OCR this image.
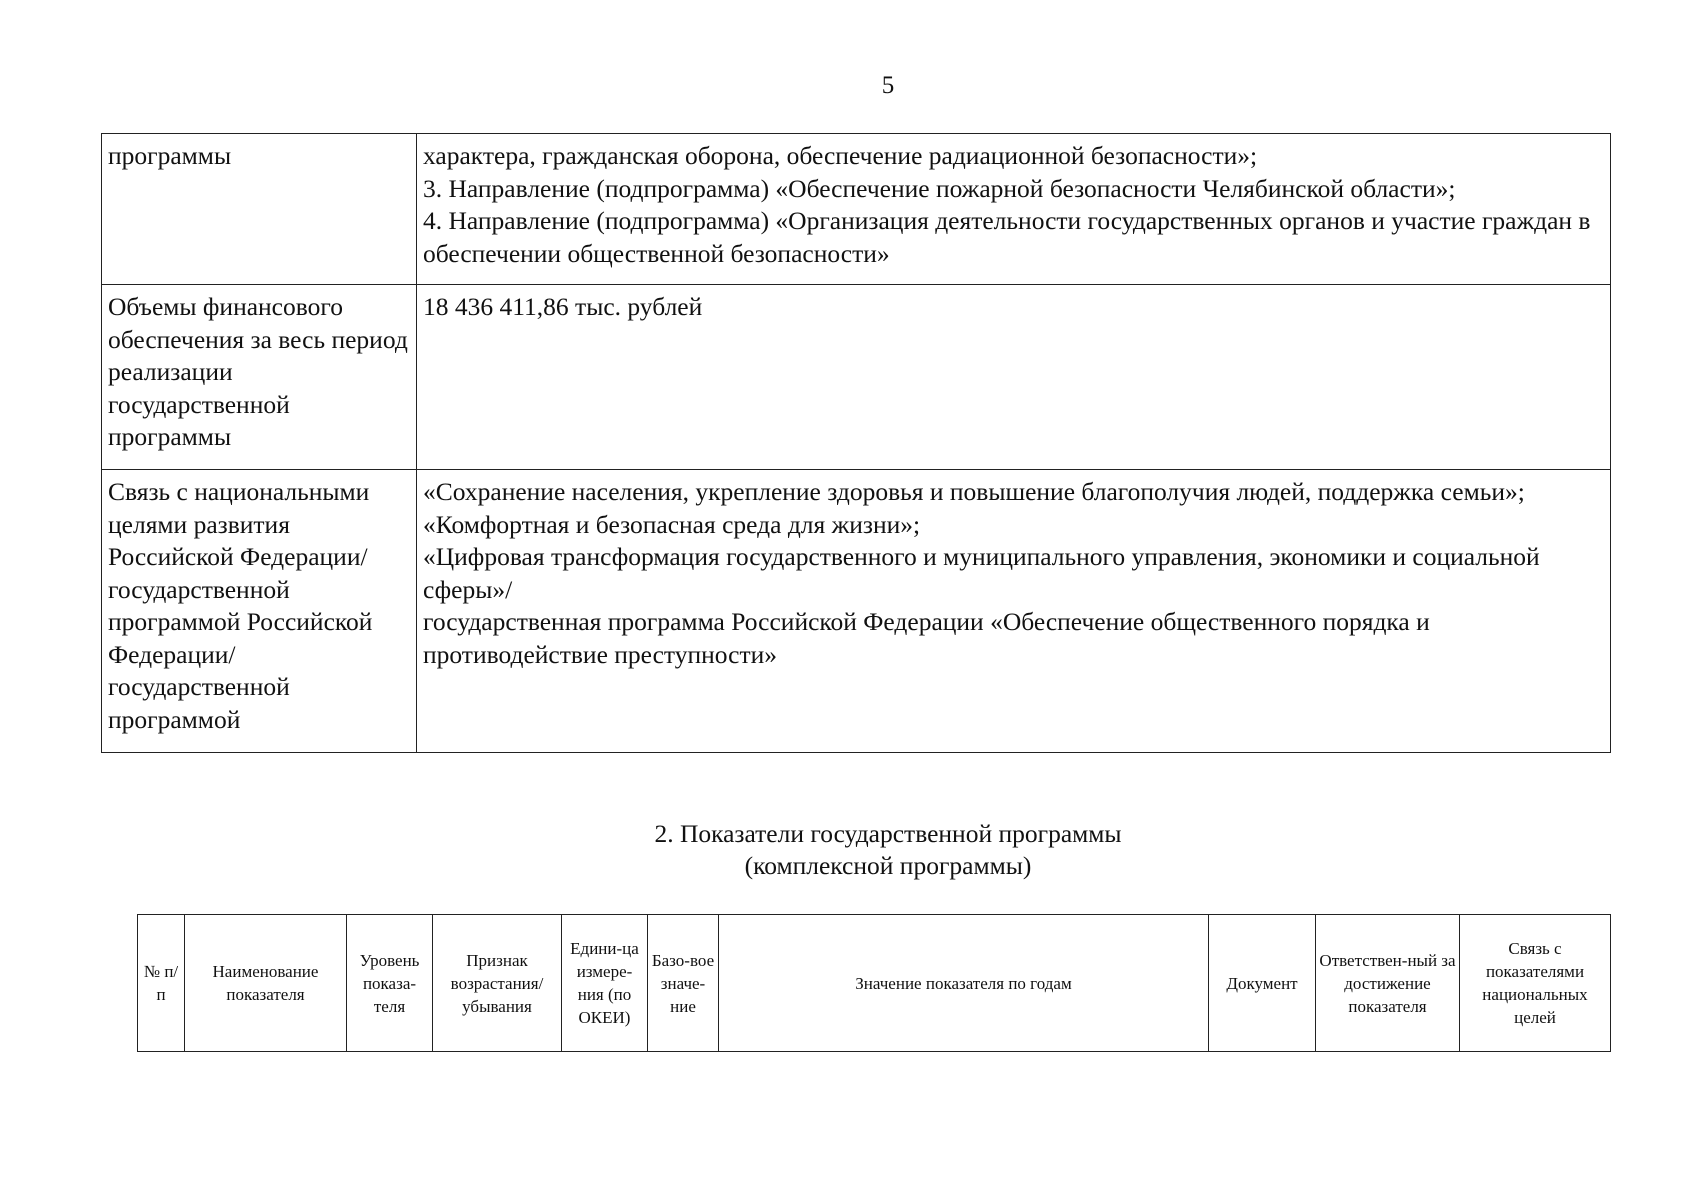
5
программы	характера, гражданская оборона, обеспечение радиационной безопасности»;
3. Направление (подпрограмма) «Обеспечение пожарной безопасности Челябинской области»;
4. Направление (подпрограмма) «Организация деятельности государственных органов и участие граждан в обеспечении общественной безопасности»

Объемы финансового обеспечения за весь период реализации государственной программы	18 436 411,86 тыс. рублей

Связь с национальными целями развития Российской Федерации/ государственной программой Российской Федерации/ государственной программой	«Сохранение населения, укрепление здоровья и повышение благополучия людей, поддержка семьи»;
«Комфортная и безопасная среда для жизни»;
«Цифровая трансформация государственного и муниципального управления, экономики и социальной сферы»/
государственная программа Российской Федерации «Обеспечение общественного порядка и противодействие преступности»
2. Показатели государственной программы
(комплексной программы)
№ п/п	Наименование показателя	Уровень показа-теля	Признак возрастания/ убывания	Едини-ца измере-ния (по ОКЕИ)	Базо-вое значе-ние	Значение показателя по годам	Документ	Ответствен-ный за достижение показателя	Связь с показателями национальных целей
